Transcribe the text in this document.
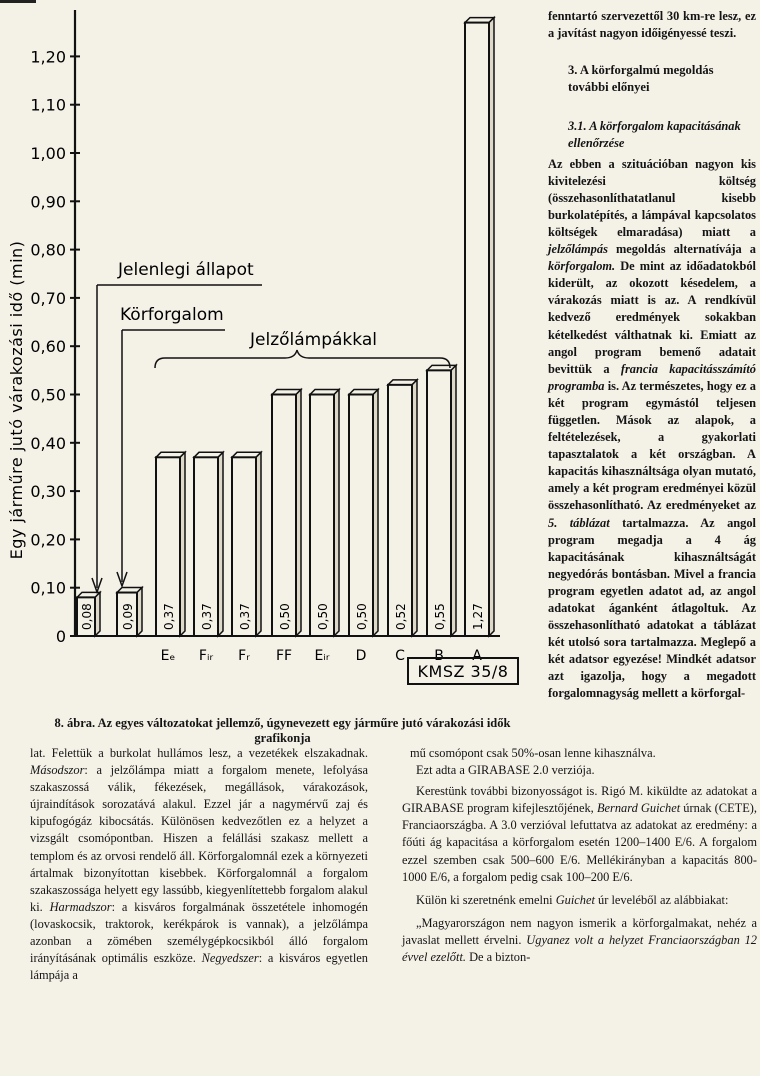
0
0,10
0,20
0,30
0,40
0,50
0,60
0,70
0,80
0,90
1,00
1,10
1,20
Egy járműre jutó várakozási idő (min)
0,08 0,09 0,37 0,37 0,37 0,50 0,50 0,50 0,52 0,55 1,27
Eₑ Fᵢᵣ Fᵣ FF Eᵢᵣ D C B A
Jelenlegi állapot
Körforgalom
Jelzőlámpákkal
KMSZ 35/8
8. ábra. Az egyes változatokat jellemző, úgynevezett egy járműre jutó várakozási idők grafikonja

fenntartó szervezettől 30 km-re lesz, ez a javítást nagyon időigényessé teszi.

3. A körforgalmú megoldás további előnyei
3.1. A körforgalom kapacitásának ellenőrzése

Az ebben a szituációban nagyon kis kivitelezési költség (összehasonlíthatatlanul kisebb burkolatépítés, a lámpával kapcsolatos költségek elmaradása) miatt a jelzőlámpás megoldás alternatívája a körforgalom. De mint az időadatokból kiderült, az okozott késedelem, a várakozás miatt is az. A rendkívül kedvező eredmények sokakban kételkedést válthatnak ki. Emiatt az angol program bemenő adatait bevittük a francia kapacitásszámító programba is. Az természetes, hogy ez a két program egymástól teljesen független. Mások az alapok, a feltételezések, a gyakorlati tapasztalatok a két országban. A kapacitás kihasználtsága olyan mutató, amely a két program eredményei közül összehasonlítható. Az eredményeket az 5. táblázat tartalmazza. Az angol program megadja a 4 ág kapacitásának kihasználtságát negyedórás bontásban. Mivel a francia program egyetlen adatot ad, az angol adatokat áganként átlagoltuk. Az összehasonlítható adatokat a táblázat két utolsó sora tartalmazza. Meglepő a két adatsor egyezése! Mindkét adatsor azt igazolja, hogy a megadott forgalomnagyság mellett a körforgal-

lat. Felettük a burkolat hullámos lesz, a vezetékek elszakadnak. Másodszor: a jelzőlámpa miatt a forgalom menete, lefolyása szakaszossá válik, fékezések, megállások, várakozások, újraindítások sorozatává alakul. Ezzel jár a nagymérvű zaj és kipufogógáz kibocsátás. Különösen kedvezőtlen ez a helyzet a vizsgált csomópontban. Hiszen a felállási szakasz mellett a templom és az orvosi rendelő áll. Körforgalomnál ezek a környezeti ártalmak bizonyítottan kisebbek. Körforgalomnál a forgalom szakaszossága helyett egy lassúbb, kiegyenlítettebb forgalom alakul ki. Harmadszor: a kisváros forgalmának összetétele inhomogén (lovaskocsik, traktorok, kerékpárok is vannak), a jelzőlámpa azonban a zömében személygépkocsikból álló forgalom irányításának optimális eszköze. Negyedszer: a kisváros egyetlen lámpája a

mű csomópont csak 50%-osan lenne kihasználva.

Ezt adta a GIRABASE 2.0 verziója.

Kerestünk további bizonyosságot is. Rigó M. kiküldte az adatokat a GIRABASE program kifejlesztőjének, Bernard Guichet úrnak (CETE), Franciaországba. A 3.0 verzióval lefuttatva az adatokat az eredmény: a főúti ág kapacitása a körforgalom esetén 1200–1400 E/6. A forgalom ezzel szemben csak 500–600 E/6. Mellékirányban a kapacitás 800-1000 E/6, a forgalom pedig csak 100–200 E/6.

Külön ki szeretnénk emelni Guichet úr leveléből az alábbiakat:

„Magyarországon nem nagyon ismerik a körforgalmakat, nehéz a javaslat mellett érvelni. Ugyanez volt a helyzet Franciaországban 12 évvel ezelőtt. De a bizton-
